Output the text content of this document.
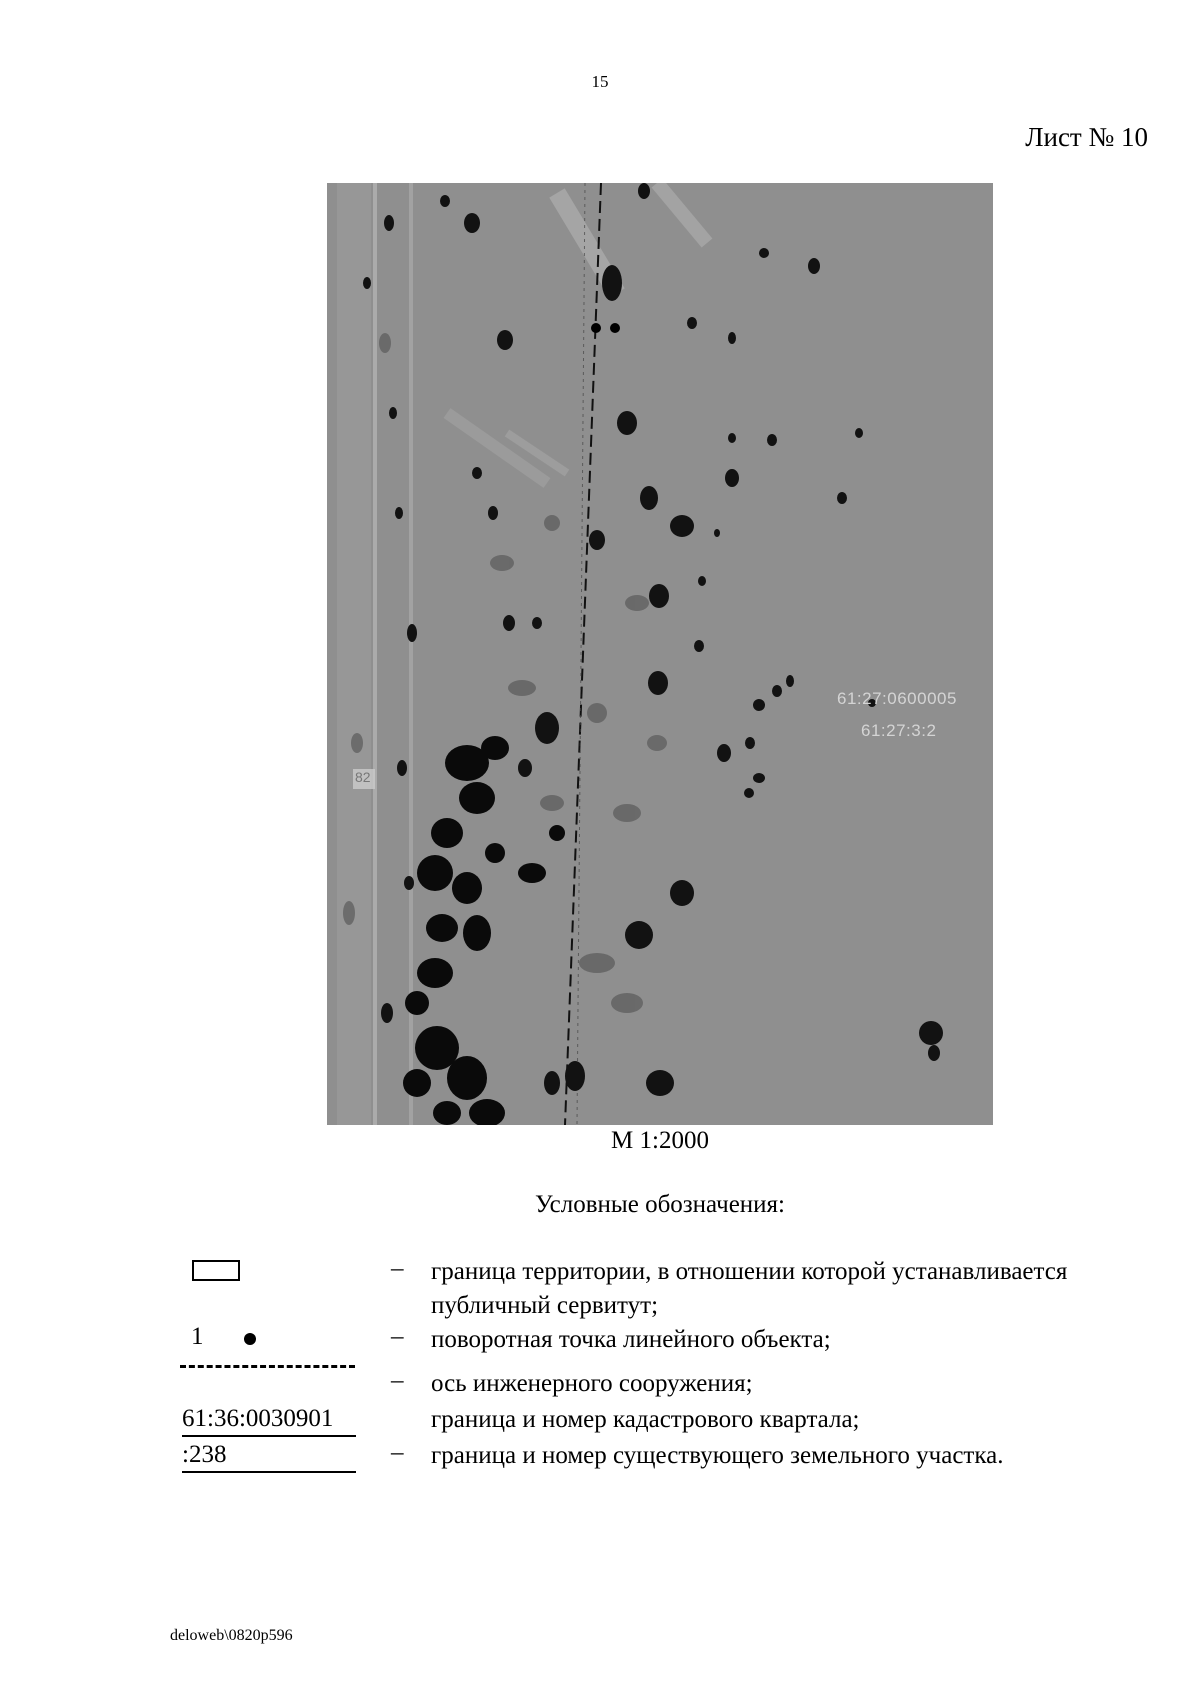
15
Лист № 10
61:27:0600005
61:27:3:2
82
М 1:2000
Условные обозначения:
– граница территории, в отношении которой устанавливается публичный сервитут;
1	– поворотная точка линейного объекта;
– ось инженерного сооружения;
61:36:0030901	граница и номер кадастрового квартала;
:238	– граница и номер существующего земельного участка.
deloweb\0820p596
